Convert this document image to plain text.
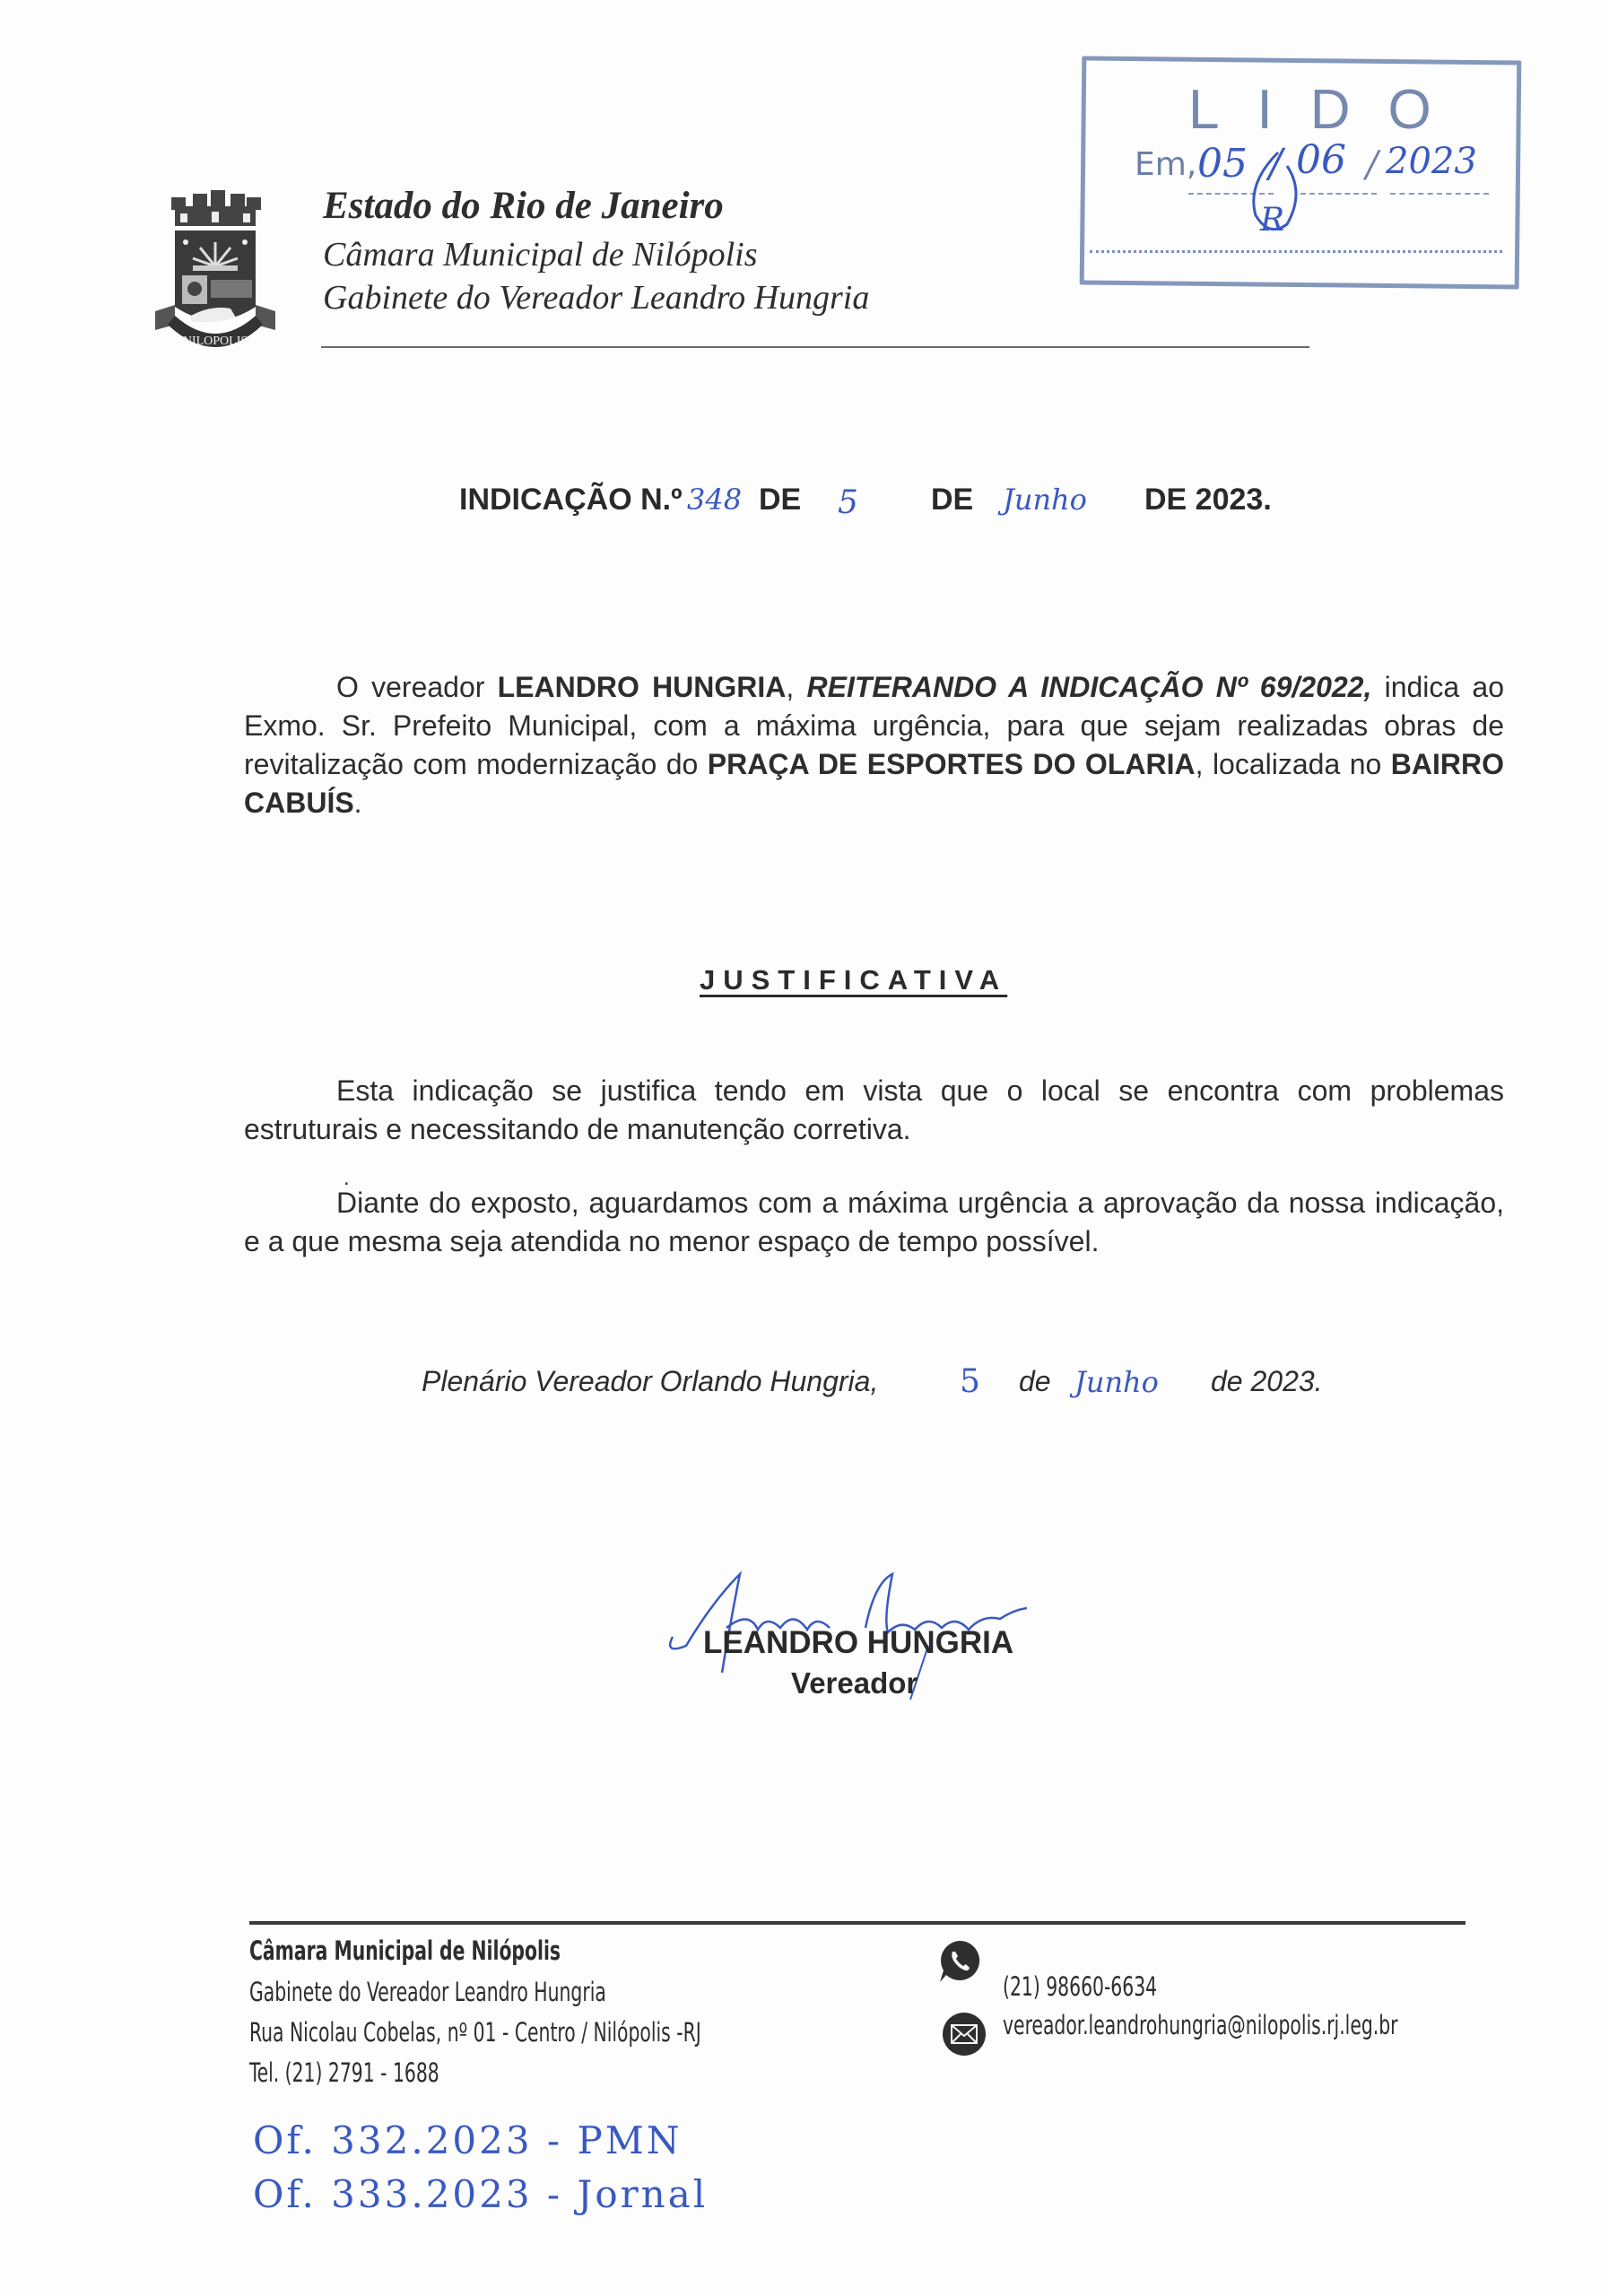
NILOPOLIS
Estado do Rio de Janeiro
Câmara Municipal de Nilópolis
Gabinete do Vereador Leandro Hungria
LIDO
Em, 05 / 06 / 2023
R
INDICAÇÃO N.º 348 DE 5 DE Junho DE 2023.

O vereador LEANDRO HUNGRIA, REITERANDO A INDICAÇÃO Nº 69/2022, indica ao Exmo. Sr. Prefeito Municipal, com a máxima urgência, para que sejam realizadas obras de revitalização com modernização do PRAÇA DE ESPORTES DO OLARIA, localizada no BAIRRO CABUÍS.

JUSTIFICATIVA

Esta indicação se justifica tendo em vista que o local se encontra com problemas estruturais e necessitando de manutenção corretiva.

.

Diante do exposto, aguardamos com a máxima urgência a aprovação da nossa indicação, e a que mesma seja atendida no menor espaço de tempo possível.

Plenário Vereador Orlando Hungria,	5 de Junho de 2023.
LEANDRO HUNGRIA
Vereador
Câmara Municipal de Nilópolis
Gabinete do Vereador Leandro Hungria
Rua Nicolau Cobelas, nº 01 - Centro / Nilópolis -RJ
Tel. (21) 2791 - 1688
(21) 98660-6634
vereador.leandrohungria@nilopolis.rj.leg.br
Of. 332.2023 - PMN
Of. 333.2023 - Jornal
